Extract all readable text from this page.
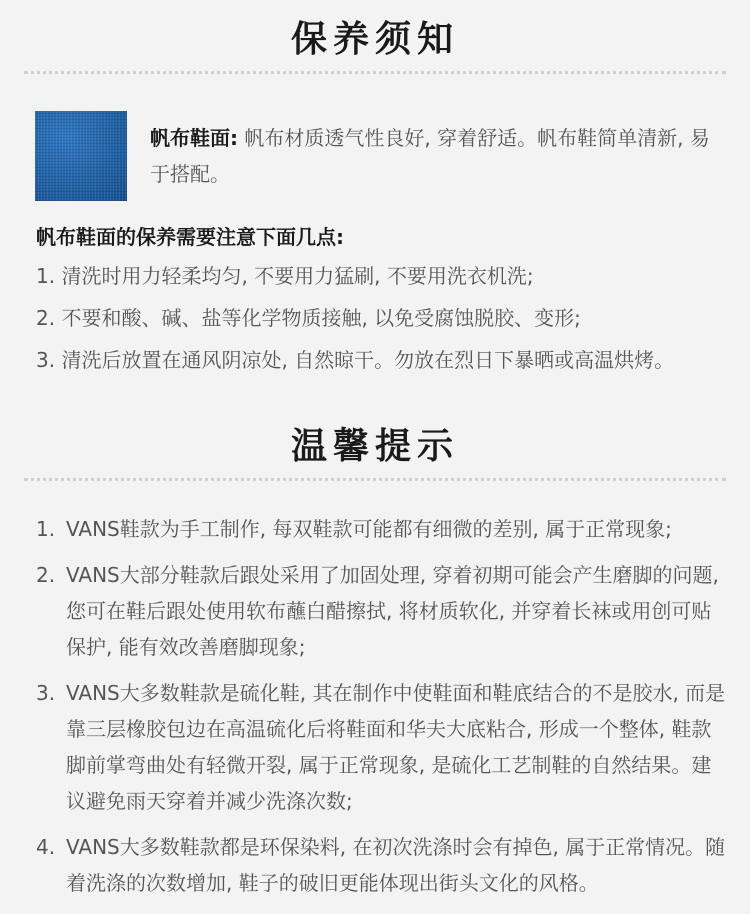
保养须知
帆布鞋面: 帆布材质透气性良好, 穿着舒适。帆布鞋简单清新, 易于搭配。
帆布鞋面的保养需要注意下面几点:
1. 清洗时用力轻柔均匀, 不要用力猛刷, 不要用洗衣机洗;
2. 不要和酸、碱、盐等化学物质接触, 以免受腐蚀脱胶、变形;
3. 清洗后放置在通风阴凉处, 自然晾干。勿放在烈日下暴晒或高温烘烤。
温馨提示
1. VANS鞋款为手工制作, 每双鞋款可能都有细微的差别, 属于正常现象;
2. VANS大部分鞋款后跟处采用了加固处理, 穿着初期可能会产生磨脚的问题, 您可在鞋后跟处使用软布蘸白醋擦拭, 将材质软化, 并穿着长袜或用创可贴保护, 能有效改善磨脚现象;
3. VANS大多数鞋款是硫化鞋, 其在制作中使鞋面和鞋底结合的不是胶水, 而是靠三层橡胶包边在高温硫化后将鞋面和华夫大底粘合, 形成一个整体, 鞋款脚前掌弯曲处有轻微开裂, 属于正常现象, 是硫化工艺制鞋的自然结果。建议避免雨天穿着并减少洗涤次数;
4. VANS大多数鞋款都是环保染料, 在初次洗涤时会有掉色, 属于正常情况。随着洗涤的次数增加, 鞋子的破旧更能体现出街头文化的风格。
